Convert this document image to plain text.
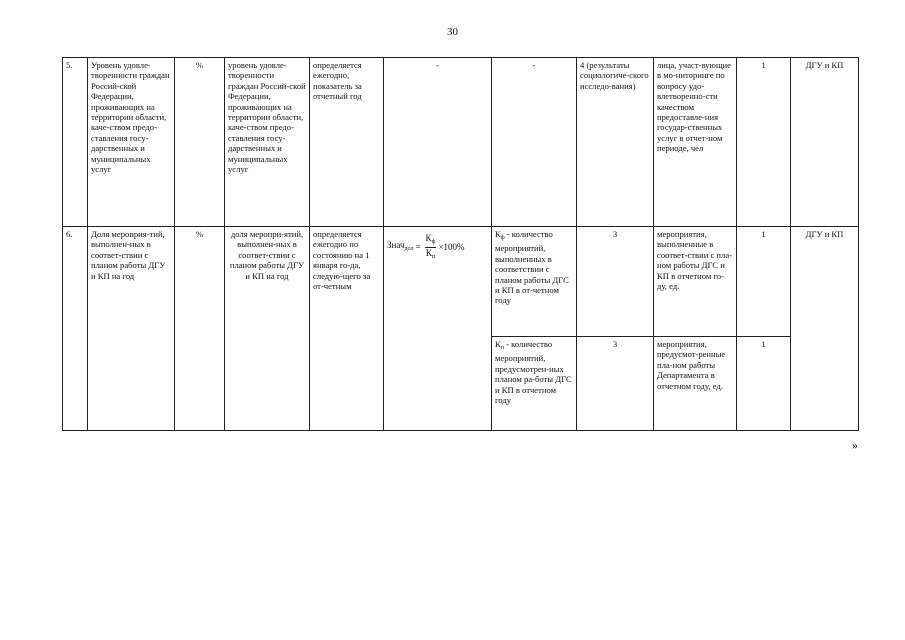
30
5.	Уровень удовле-творенности граждан Россий-ской Федерации, проживающих на территории области, каче-ством предо-ставления госу-дарственных и муниципальных услуг	%	уровень удовле-творенности граждан Россий-ской Федерации, проживающих на территории области, каче-ством предо-ставления госу-дарственных и муниципальных услуг	определяется ежегодно, показатель за отчетный год	-	-	4 (результаты социологиче-ского исследо-вания)	лица, участ-вующие в мо-ниторинге по вопросу удо-влетворенно-сти качеством предоставле-ния государ-ственных услуг в отчет-ном периоде, чел	1	ДГУ и КП
6.	Доля мероприя-тий, выполнен-ных в соответ-ствии с планом работы ДГУ и КП на год	%	доля меропри-ятий, выполнен-ных в соответ-ствии с планом работы ДГУ и КП на год	определяется ежегодно по состоянию на 1 января го-да, следую-щего за от-четным	Знач$_{дол}$ = $\frac{К_ф}{К_п} \times 100\%$	$К_ф$ - количество мероприятий, выполненных в соответствии с планом работы ДГС и КП в от-четном году	3	мероприятия, выполненные в соответ-ствии с пла-ном работы ДГС и КП в отчетном го-ду, ед.	1	ДГУ и КП
						$К_п$ - количество мероприятий, предусмотрен-ных планом ра-боты ДГС и КП в отчетном году	3	мероприятия, предусмот-ренные пла-ном работы Департамента в отчетном году, ед.	1	
»
